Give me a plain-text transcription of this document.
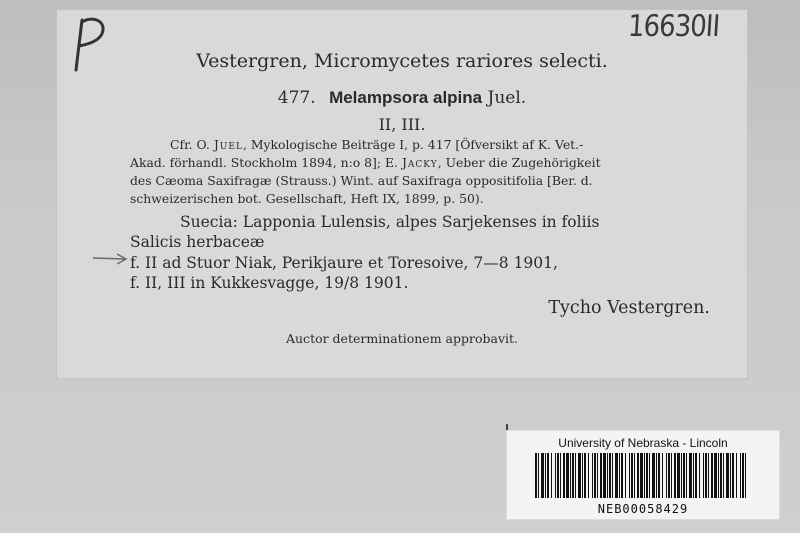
16630II
Vestergren, Micromycetes rariores selecti.
477. Melampsora alpina Juel.
II, III.
Cfr. O. Juel, Mykologische Beiträge I, p. 417 [Öfversikt af K. Vet.-
Akad. förhandl. Stockholm 1894, n:o 8]; E. Jacky, Ueber die Zugehörigkeit
des Cæoma Saxifragæ (Strauss.) Wint. auf Saxifraga oppositifolia [Ber. d.
schweizerischen bot. Gesellschaft, Heft IX, 1899, p. 50).
Suecia: Lapponia Lulensis, alpes Sarjekenses in foliis
Salicis herbaceæ
f. II ad Stuor Niak, Perikjaure et Toresoive, 7—8 1901,
f. II, III in Kukkesvagge, 19/8 1901.
Tycho Vestergren.
Auctor determinationem approbavit.
University of Nebraska - Lincoln
NEB00058429
